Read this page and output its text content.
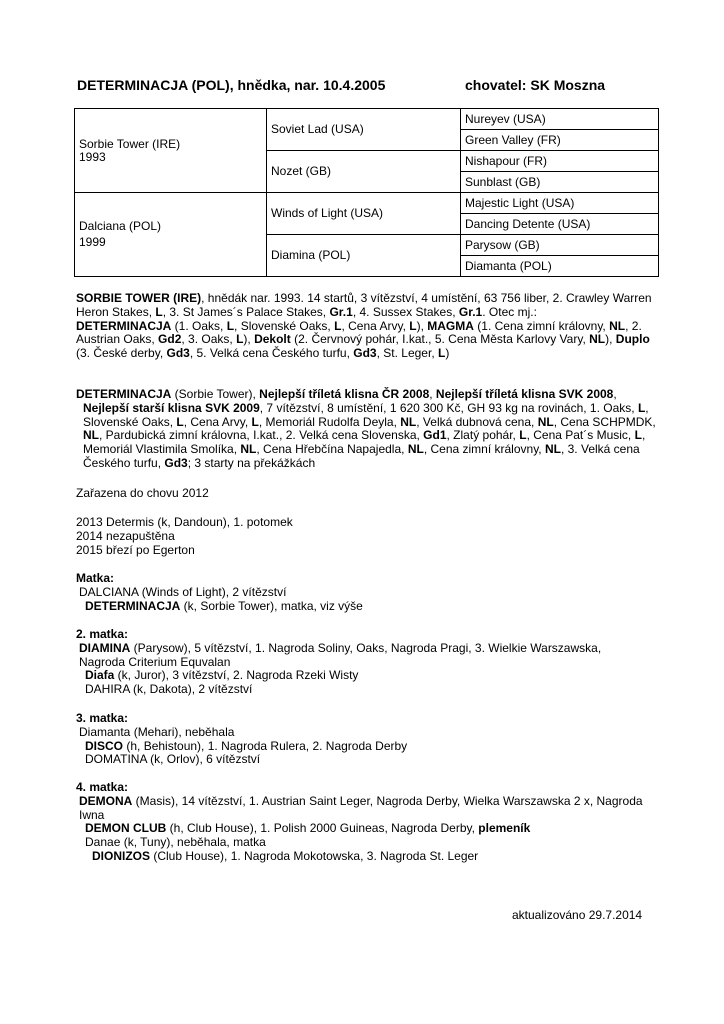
DETERMINACJA (POL), hnědka, nar. 10.4.2005	chovatel: SK Moszna
Sorbie Tower (IRE)
1993	Soviet Lad (USA)	Nureyev (USA)
		Green Valley (FR)
	Nozet (GB)	Nishapour (FR)
		Sunblast (GB)

Dalciana (POL)
1999	Winds of Light (USA)	Majestic Light (USA)
		Dancing Detente (USA)
	Diamina (POL)	Parysow (GB)
		Diamanta (POL)

SORBIE TOWER (IRE), hnědák nar. 1993. 14 startů, 3 vítězství, 4 umístění, 63 756 liber, 2. Crawley Warren Heron Stakes, L, 3. St James´s Palace Stakes, Gr.1, 4. Sussex Stakes, Gr.1. Otec mj.:
DETERMINACJA (1. Oaks, L, Slovenské Oaks, L, Cena Arvy, L), MAGMA (1. Cena zimní královny, NL, 2. Austrian Oaks, Gd2, 3. Oaks, L), Dekolt (2. Červnový pohár, I.kat., 5. Cena Města Karlovy Vary, NL), Duplo (3. České derby, Gd3, 5. Velká cena Českého turfu, Gd3, St. Leger, L)

DETERMINACJA (Sorbie Tower), Nejlepší tříletá klisna ČR 2008, Nejlepší tříletá klisna SVK 2008,

Nejlepší starší klisna SVK 2009, 7 vítězství, 8 umístění, 1 620 300 Kč, GH 93 kg na rovinách, 1. Oaks, L, Slovenské Oaks, L, Cena Arvy, L, Memoriál Rudolfa Deyla, NL, Velká dubnová cena, NL, Cena SCHPMDK, NL, Pardubická zimní královna, I.kat., 2. Velká cena Slovenska, Gd1, Zlatý pohár, L, Cena Pat´s Music, L, Memoriál Vlastimila Smolíka, NL, Cena Hřebčína Napajedla, NL, Cena zimní královny, NL, 3. Velká cena Českého turfu, Gd3; 3 starty na překážkách

Zařazena do chovu 2012

2013 Determis (k, Dandoun), 1. potomek

2014 nezapuštěna

2015 březí po Egerton

Matka:

DALCIANA (Winds of Light), 2 vítězství

DETERMINACJA (k, Sorbie Tower), matka, viz výše

2. matka:

DIAMINA (Parysow), 5 vítězství, 1. Nagroda Soliny, Oaks, Nagroda Pragi, 3. Wielkie Warszawska, Nagroda Criterium Equvalan

Diafa (k, Juror), 3 vítězství, 2. Nagroda Rzeki Wisty

DAHIRA (k, Dakota), 2 vítězství

3. matka:

Diamanta (Mehari), neběhala

DISCO (h, Behistoun), 1. Nagroda Rulera, 2. Nagroda Derby

DOMATINA (k, Orlov), 6 vítězství

4. matka:

DEMONA (Masis), 14 vítězství, 1. Austrian Saint Leger, Nagroda Derby, Wielka Warszawska 2 x, Nagroda Iwna

DEMON CLUB (h, Club House), 1. Polish 2000 Guineas, Nagroda Derby, plemeník

Danae (k, Tuny), neběhala, matka

DIONIZOS (Club House), 1. Nagroda Mokotowska, 3. Nagroda St. Leger

aktualizováno 29.7.2014
